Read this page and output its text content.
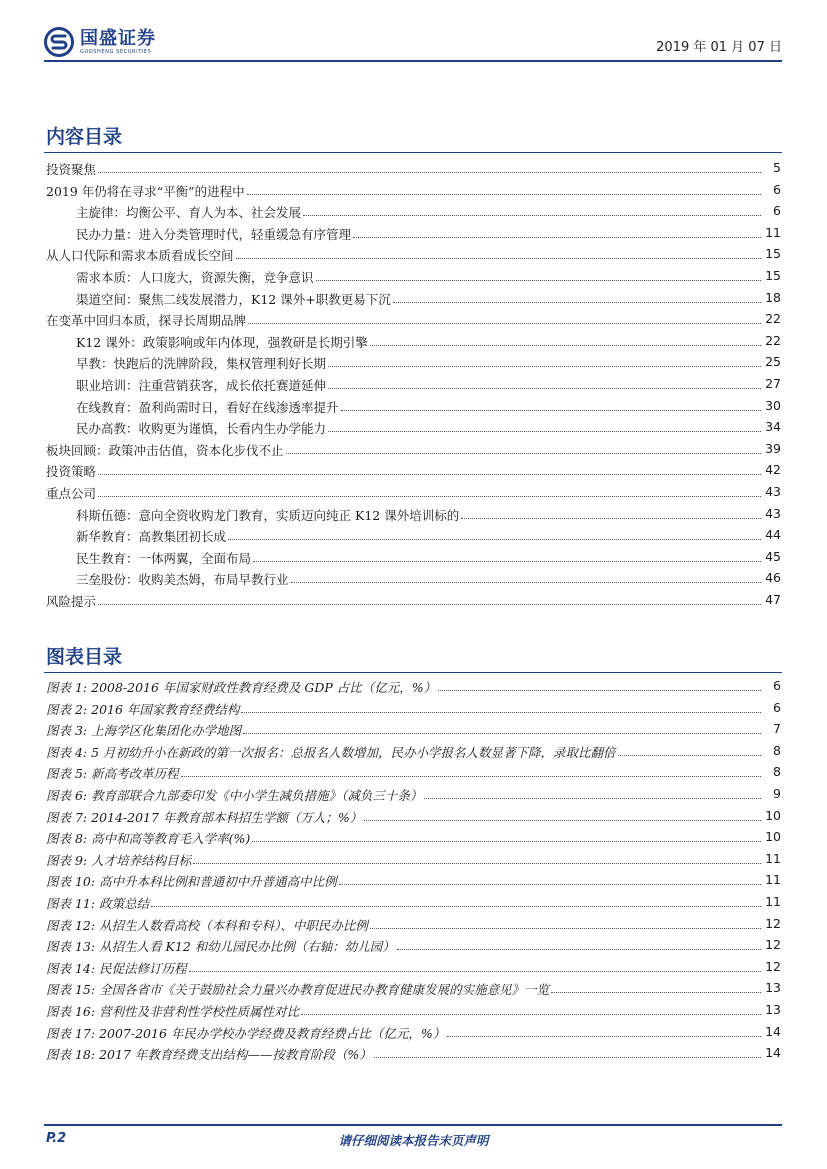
国盛证券
GUOSHENG SECURITIES	2019 年 01 月 07 日
内容目录
投资聚焦	5
2019 年仍将在寻求“平衡”的进程中	6
主旋律：均衡公平、育人为本、社会发展	6
民办力量：进入分类管理时代，轻重缓急有序管理	11
从人口代际和需求本质看成长空间	15
需求本质：人口庞大，资源失衡，竞争意识	15
渠道空间：聚焦二线发展潜力，K12 课外+职教更易下沉	18
在变革中回归本质，探寻长周期品牌	22
K12 课外：政策影响或年内体现，强教研是长期引擎	22
早教：快跑后的洗牌阶段，集权管理利好长期	25
职业培训：注重营销获客，成长依托赛道延伸	27
在线教育：盈利尚需时日，看好在线渗透率提升	30
民办高教：收购更为谨慎，长看内生办学能力	34
板块回顾：政策冲击估值，资本化步伐不止	39
投资策略	42
重点公司	43
科斯伍德：意向全资收购龙门教育，实质迈向纯正 K12 课外培训标的	43
新华教育：高教集团初长成	44
民生教育：一体两翼，全面布局	45
三垒股份：收购美杰姆，布局早教行业	46
风险提示	47
图表目录
图表 1: 2008-2016 年国家财政性教育经费及 GDP 占比（亿元，%）	6
图表 2: 2016 年国家教育经费结构	6
图表 3: 上海学区化集团化办学地图	7
图表 4: 5 月初幼升小在新政的第一次报名：总报名人数增加，民办小学报名人数显著下降，录取比翻倍	8
图表 5: 新高考改革历程	8
图表 6: 教育部联合九部委印发《中小学生减负措施》（减负三十条）	9
图表 7: 2014-2017 年教育部本科招生学额（万人；%）	10
图表 8: 高中和高等教育毛入学率(%)	10
图表 9: 人才培养结构目标	11
图表 10: 高中升本科比例和普通初中升普通高中比例	11
图表 11: 政策总结	11
图表 12: 从招生人数看高校（本科和专科）、中职民办比例	12
图表 13: 从招生人看 K12 和幼儿园民办比例（右轴：幼儿园）	12
图表 14: 民促法修订历程	12
图表 15: 全国各省市《关于鼓励社会力量兴办教育促进民办教育健康发展的实施意见》一览	13
图表 16: 营利性及非营利性学校性质属性对比	13
图表 17: 2007-2016 年民办学校办学经费及教育经费占比（亿元，%）	14
图表 18: 2017 年教育经费支出结构——按教育阶段（%）	14
P.2	请仔细阅读本报告末页声明
